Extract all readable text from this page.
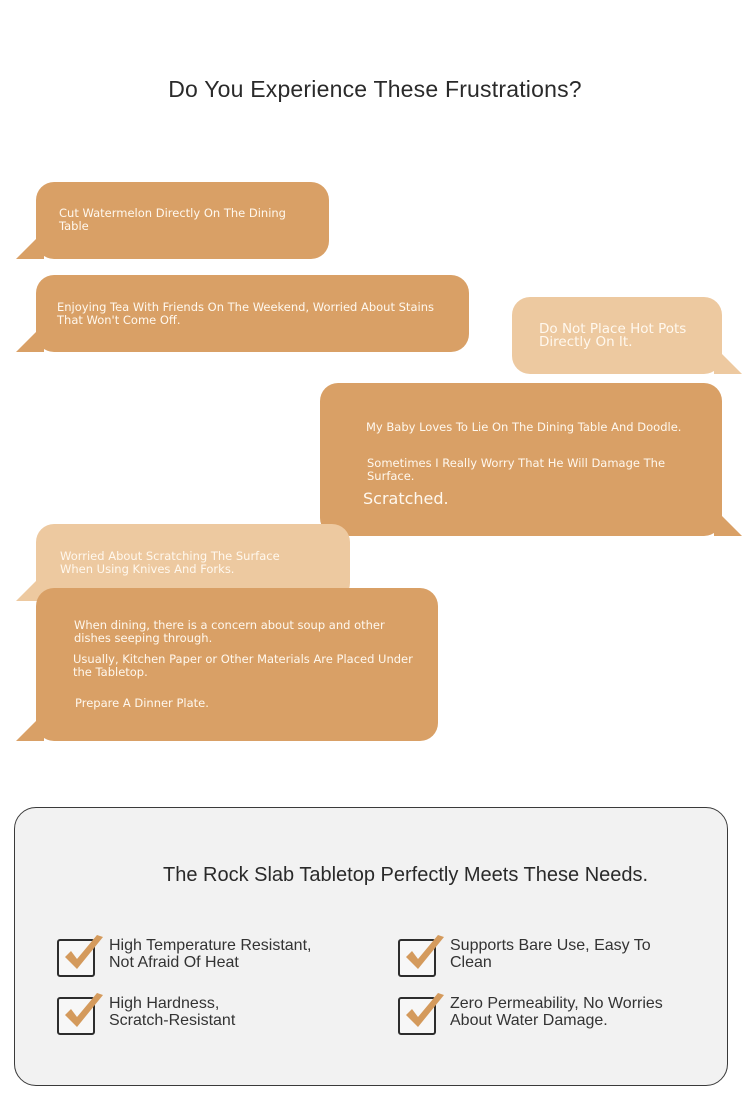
Do You Experience These Frustrations?
Cut Watermelon Directly On The Dining Table
Enjoying Tea With Friends On The Weekend, Worried About Stains That Won't Come Off.
Do Not Place Hot Pots Directly On It.
My Baby Loves To Lie On The Dining Table And Doodle.
Sometimes I Really Worry That He Will Damage The Surface.
Scratched.
Worried About Scratching The Surface When Using Knives And Forks.
When dining, there is a concern about soup and other dishes seeping through.
Usually, Kitchen Paper or Other Materials Are Placed Under the Tabletop.
Prepare A Dinner Plate.
The Rock Slab Tabletop Perfectly Meets These Needs.
High Temperature Resistant,
Not Afraid Of Heat
Supports Bare Use, Easy To
Clean
High Hardness,
Scratch-Resistant
Zero Permeability, No Worries
About Water Damage.
